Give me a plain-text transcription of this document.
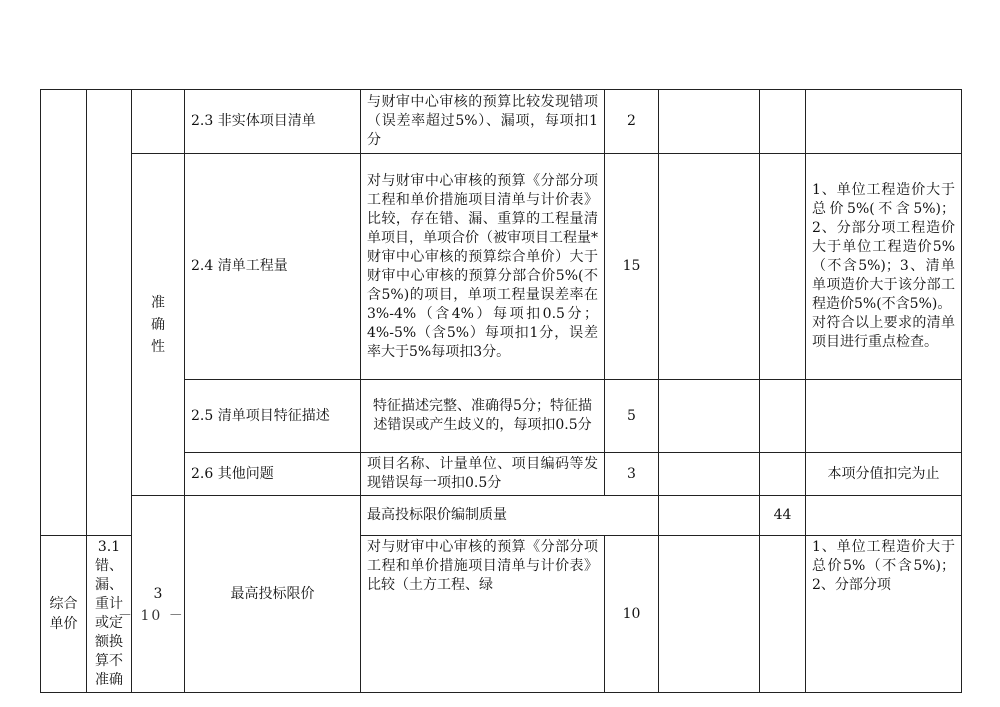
			2.3 非实体项目清单	与财审中心审核的预算比较发现错项（误差率超过5%）、漏项，每项扣1分	2				
		准确性	2.4 清单工程量	对与财审中心审核的预算《分部分项工程和单价措施项目清单与计价表》比较，存在错、漏、重算的工程量清单项目，单项合价（被审项目工程量*财审中心审核的预算综合单价）大于财审中心审核的预算分部合价5%(不含5%)的项目，单项工程量误差率在3%-4%（含4%）每项扣0.5分；4%-5%（含5%）每项扣1分，误差率大于5%每项扣3分。	15			1、单位工程造价大于总价5%(不含5%)；2、分部分项工程造价大于单位工程造价5%（不含5%)；3、清单单项造价大于该分部工程造价5%(不含5%)。
对符合以上要求的清单项目进行重点检查。	
			2.5 清单项目特征描述	特征描述完整、准确得5分；特征描述错误或产生歧义的，每项扣0.5分	5				
			2.6 其他问题	项目名称、计量单位、项目编码等发现错误每一项扣0.5分	3			本项分值扣完为止	
		3	最高投标限价	最高投标限价编制质量			44			
综合单价	3.1 错、漏、重计或定额换算不准确			对与财审中心审核的预算《分部分项工程和单价措施项目清单与计价表》比较（土方工程、绿	10			1、单位工程造价大于总价5%（不含5%)；2、分部分项	
－ 10 －
